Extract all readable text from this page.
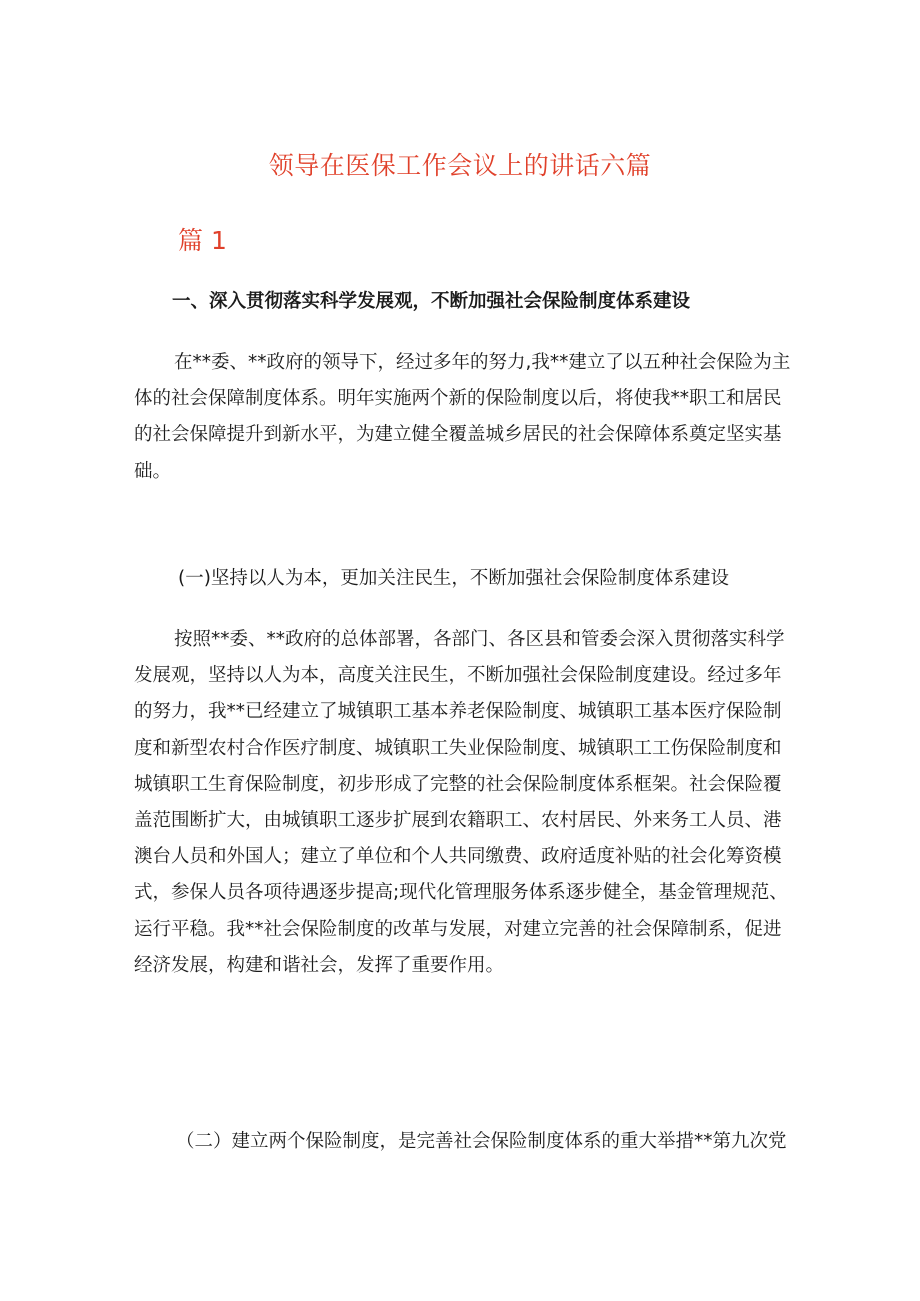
领导在医保工作会议上的讲话六篇
篇 1
一、深入贯彻落实科学发展观，不断加强社会保险制度体系建设
在**委、**政府的领导下，经过多年的努力,我**建立了以五种社会保险为主
体的社会保障制度体系。明年实施两个新的保险制度以后，将使我**职工和居民
的社会保障提升到新水平，为建立健全覆盖城乡居民的社会保障体系奠定坚实基
础。
(一)坚持以人为本，更加关注民生，不断加强社会保险制度体系建设
按照**委、**政府的总体部署，各部门、各区县和管委会深入贯彻落实科学
发展观，坚持以人为本，高度关注民生，不断加强社会保险制度建设。经过多年
的努力，我**已经建立了城镇职工基本养老保险制度、城镇职工基本医疗保险制
度和新型农村合作医疗制度、城镇职工失业保险制度、城镇职工工伤保险制度和
城镇职工生育保险制度，初步形成了完整的社会保险制度体系框架。社会保险覆
盖范围断扩大，由城镇职工逐步扩展到农籍职工、农村居民、外来务工人员、港
澳台人员和外国人；建立了单位和个人共同缴费、政府适度补贴的社会化筹资模
式，参保人员各项待遇逐步提高;现代化管理服务体系逐步健全，基金管理规范、
运行平稳。我**社会保险制度的改革与发展，对建立完善的社会保障制系，促进
经济发展，构建和谐社会，发挥了重要作用。
（二）建立两个保险制度，是完善社会保险制度体系的重大举措**第九次党
